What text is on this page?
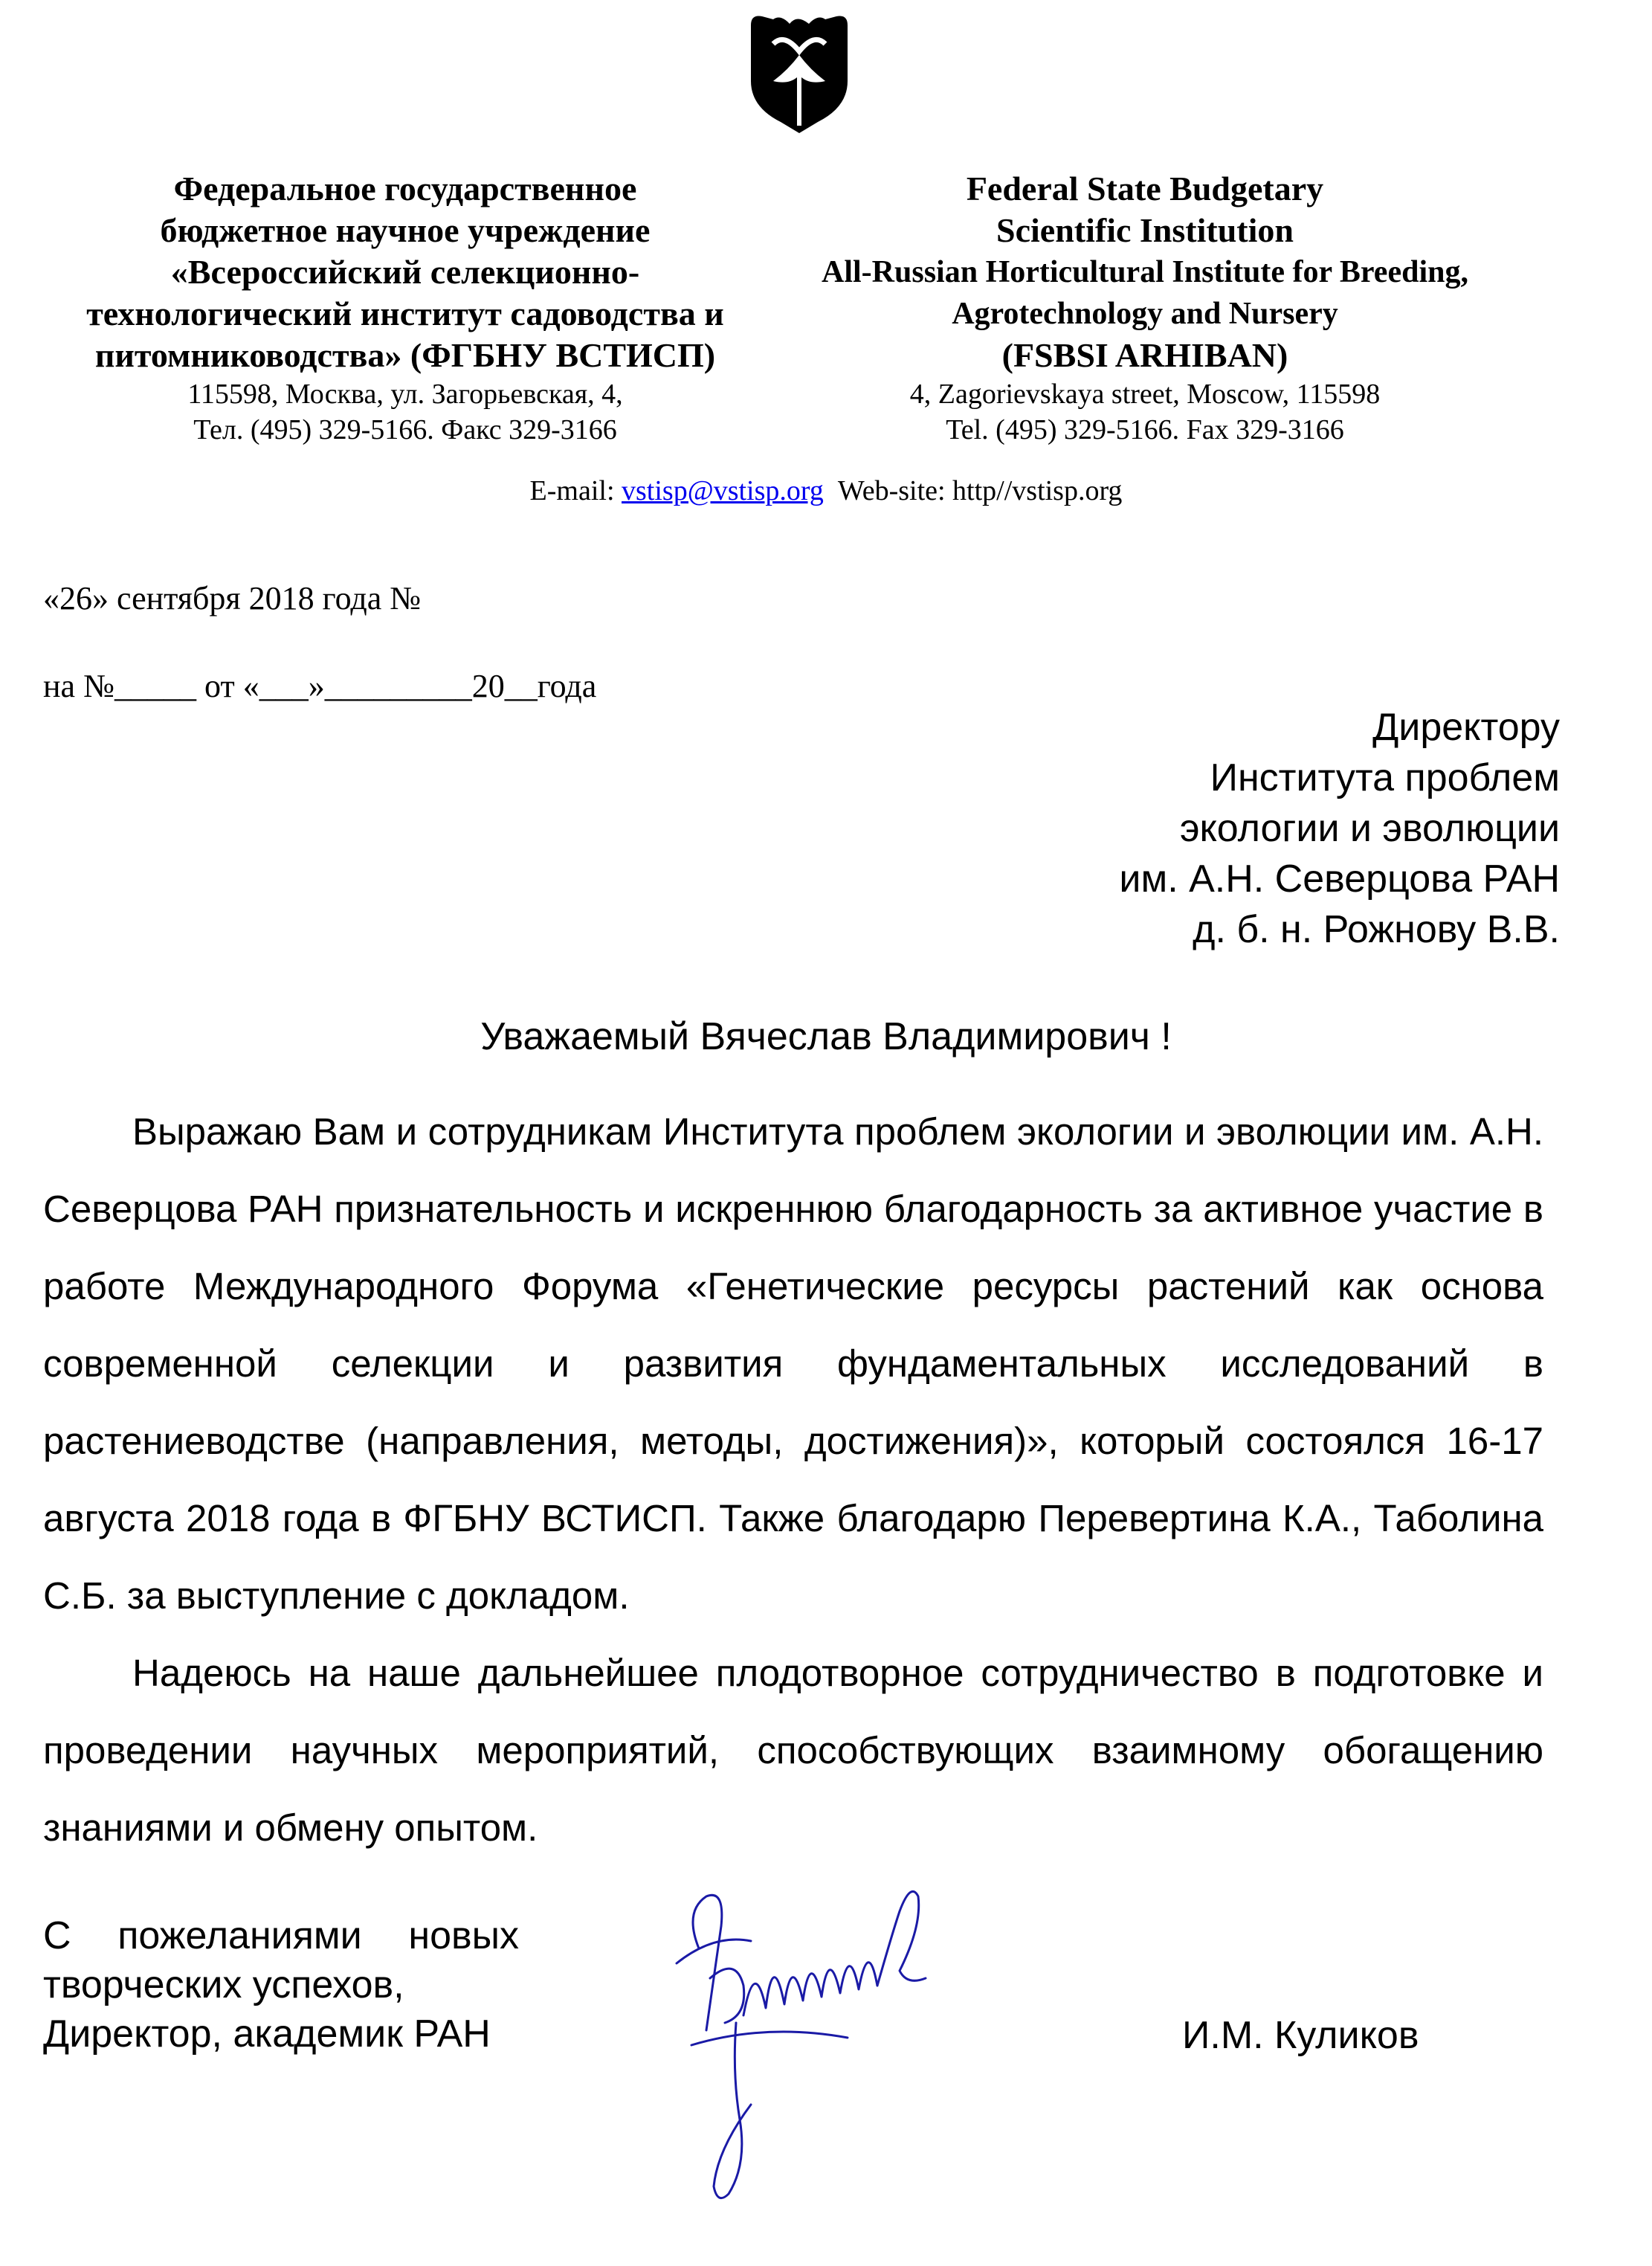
Федеральное государственное
бюджетное научное учреждение
«Всероссийский селекционно-
технологический институт садоводства и
питомниководства» (ФГБНУ ВСТИСП)
115598, Москва, ул. Загорьевская, 4,
Тел. (495) 329-5166. Факс 329-3166
Federal State Budgetary
Scientific Institution
All-Russian Horticultural Institute for Breeding,
Agrotechnology and Nursery
(FSBSI ARHIBAN)
4, Zagorievskaya street, Moscow, 115598
Tel. (495) 329-5166. Fax 329-3166
E-mail: vstisp@vstisp.org Web-site: http//vstisp.org
«26» сентября 2018 года №
на №_____ от «___»_________20__года
Директору
Института проблем
экологии и эволюции
им. А.Н. Северцова РАН
д. б. н. Рожнову В.В.
Уважаемый Вячеслав Владимирович !

Выражаю Вам и сотрудникам Института проблем экологии и эволюции им. А.Н. Северцова РАН признательность и искреннюю благодарность за активное участие в работе Международного Форума «Генетические ресурсы растений как основа современной селекции и развития фундаментальных исследований в растениеводстве (направления, методы, достижения)», который состоялся 16-17 августа 2018 года в ФГБНУ ВСТИСП. Также благодарю Перевертина К.А., Таболина С.Б. за выступление с докладом.

Надеюсь на наше дальнейшее плодотворное сотрудничество в подготовке и проведении научных мероприятий, способствующих взаимному обогащению знаниями и обмену опытом.

С пожеланиями новых
творческих успехов,
Директор, академик РАН	И.М. Куликов
